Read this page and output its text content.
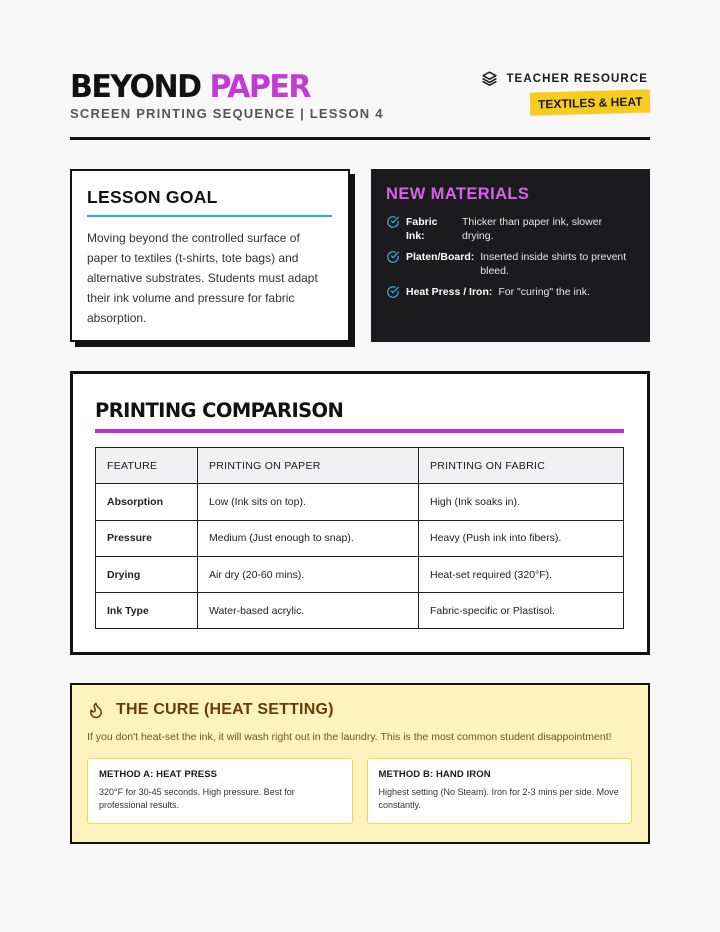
BEYOND PAPER
SCREEN PRINTING SEQUENCE | LESSON 4
TEACHER RESOURCE
TEXTILES & HEAT
LESSON GOAL

Moving beyond the controlled surface of paper to textiles (t-shirts, tote bags) and alternative substrates. Students must adapt their ink volume and pressure for fabric absorption.

NEW MATERIALS
Fabric Ink:
Thicker than paper ink, slower drying.
Platen/Board: Inserted inside shirts to prevent bleed.
Heat Press / Iron: For "curing" the ink.
PRINTING COMPARISON
FEATURE	PRINTING ON PAPER	PRINTING ON FABRIC
Absorption	Low (Ink sits on top).	High (Ink soaks in).
Pressure	Medium (Just enough to snap).	Heavy (Push ink into fibers).
Drying	Air dry (20-60 mins).	Heat-set required (320°F).
Ink Type	Water-based acrylic.	Fabric-specific or Plastisol.
THE CURE (HEAT SETTING)

If you don't heat-set the ink, it will wash right out in the laundry. This is the most common student disappointment!

METHOD A: HEAT PRESS

320°F for 30-45 seconds. High pressure. Best for professional results.

METHOD B: HAND IRON

Highest setting (No Steam). Iron for 2-3 mins per side. Move constantly.
